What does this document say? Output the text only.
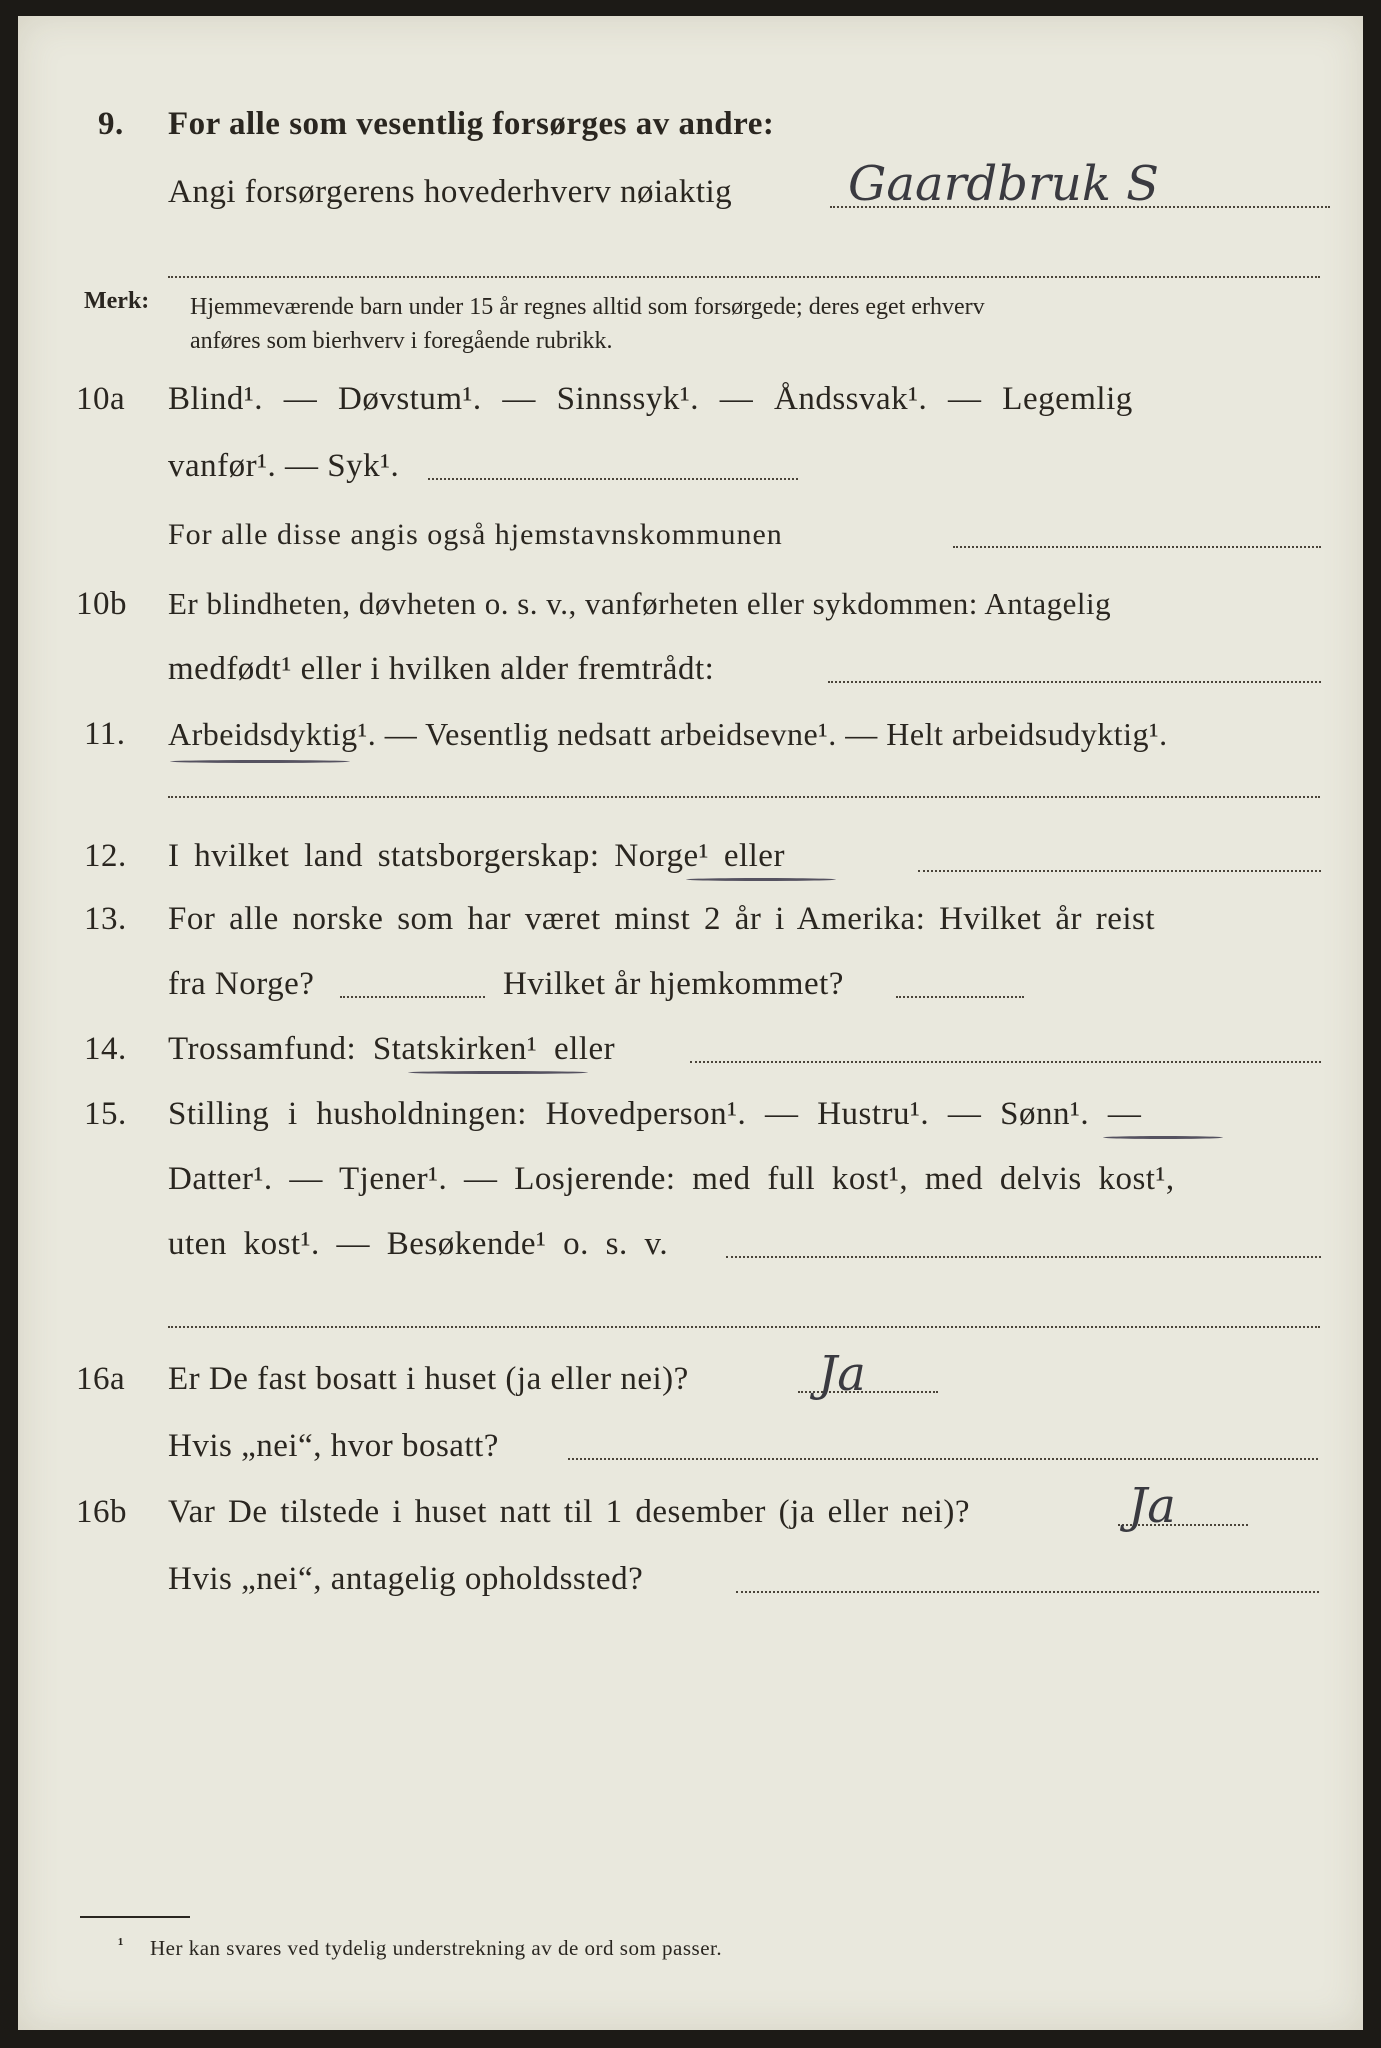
9. For alle som vesentlig forsørges av andre:
Angi forsørgerens hovederhverv nøiaktig Gaardbruk S
Merk: Hjemmeværende barn under 15 år regnes alltid som forsørgede; deres eget erhverv
anføres som bierhverv i foregående rubrikk.
10a Blind¹. — Døvstum¹. — Sinnssyk¹. — Åndssvak¹. — Legemlig
vanfør¹. — Syk¹.
For alle disse angis også hjemstavnskommunen
10b Er blindheten, døvheten o. s. v., vanførheten eller sykdommen: Antagelig
medfødt¹ eller i hvilken alder fremtrådt:
11. Arbeidsdyktig¹. — Vesentlig nedsatt arbeidsevne¹. — Helt arbeidsudyktig¹.
12. I hvilket land statsborgerskap: Norge¹ eller
13. For alle norske som har været minst 2 år i Amerika: Hvilket år reist
fra Norge?	Hvilket år hjemkommet?
14. Trossamfund: Statskirken¹ eller
15. Stilling i husholdningen: Hovedperson¹. — Hustru¹. — Sønn¹. —
Datter¹. — Tjener¹. — Losjerende: med full kost¹, med delvis kost¹,
uten kost¹. — Besøkende¹ o. s. v.
16a Er De fast bosatt i huset (ja eller nei)?	Ja
Hvis „nei“, hvor bosatt?
16b Var De tilstede i huset natt til 1 desember (ja eller nei)?	Ja
Hvis „nei“, antagelig opholdssted?
¹ Her kan svares ved tydelig understrekning av de ord som passer.
